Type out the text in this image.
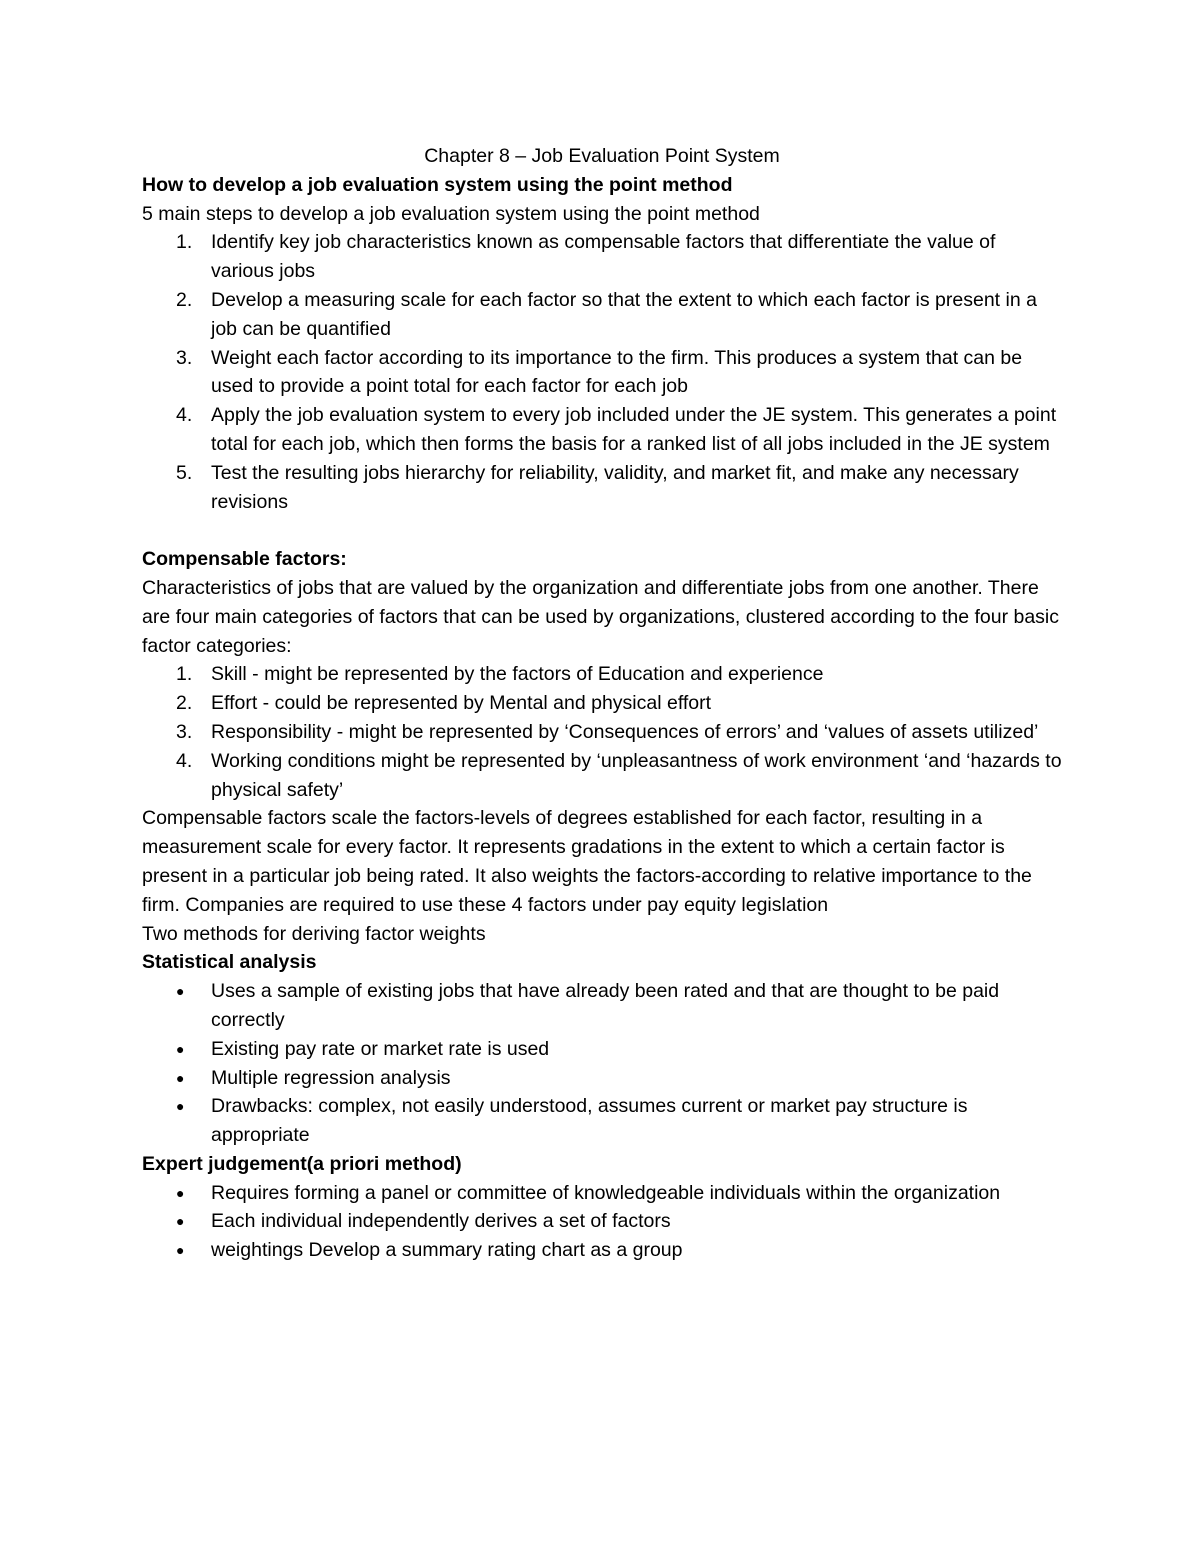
Chapter 8 – Job Evaluation Point System

How to develop a job evaluation system using the point method

5 main steps to develop a job evaluation system using the point method

1. Identify key job characteristics known as compensable factors that differentiate the value of various jobs
2. Develop a measuring scale for each factor so that the extent to which each factor is present in a job can be quantified
3. Weight each factor according to its importance to the firm. This produces a system that can be used to provide a point total for each factor for each job
4. Apply the job evaluation system to every job included under the JE system. This generates a point total for each job, which then forms the basis for a ranked list of all jobs included in the JE system
5. Test the resulting jobs hierarchy for reliability, validity, and market fit, and make any necessary revisions

Compensable factors:

Characteristics of jobs that are valued by the organization and differentiate jobs from one another. There are four main categories of factors that can be used by organizations, clustered according to the four basic factor categories:

1. Skill - might be represented by the factors of Education and experience
2. Effort - could be represented by Mental and physical effort
3. Responsibility - might be represented by ‘Consequences of errors’ and ‘values of assets utilized’
4. Working conditions might be represented by ‘unpleasantness of work environment ‘and ‘hazards to physical safety’

Compensable factors scale the factors-levels of degrees established for each factor, resulting in a measurement scale for every factor. It represents gradations in the extent to which a certain factor is present in a particular job being rated. It also weights the factors-according to relative importance to the firm. Companies are required to use these 4 factors under pay equity legislation

Two methods for deriving factor weights

Statistical analysis

● Uses a sample of existing jobs that have already been rated and that are thought to be paid correctly
● Existing pay rate or market rate is used
● Multiple regression analysis
● Drawbacks: complex, not easily understood, assumes current or market pay structure is appropriate

Expert judgement(a priori method)

● Requires forming a panel or committee of knowledgeable individuals within the organization
● Each individual independently derives a set of factors
● weightings Develop a summary rating chart as a group
